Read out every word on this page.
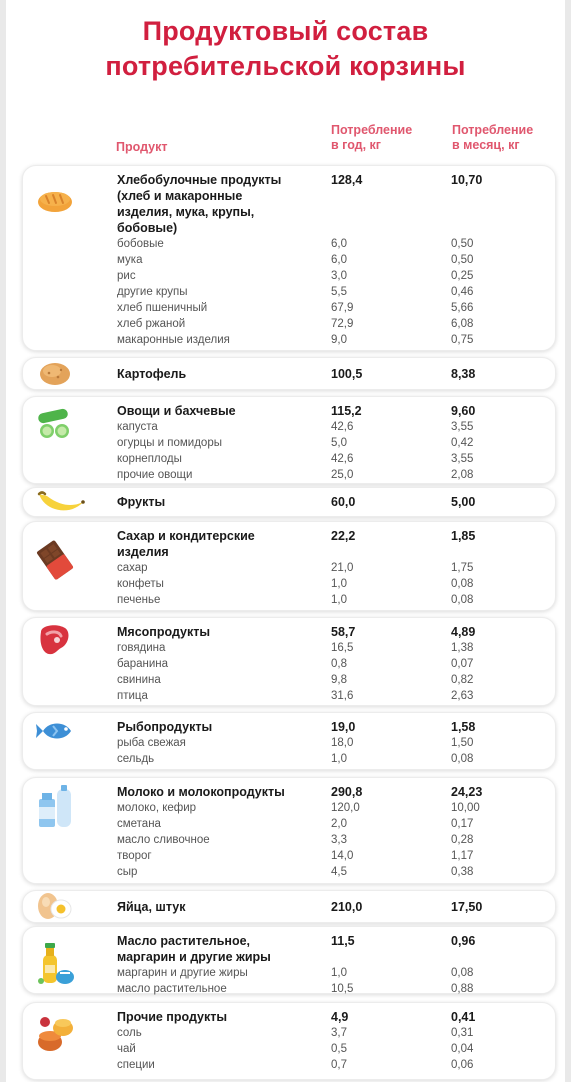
Продуктовый состав
потребительской корзины
Продукт
Потребление
в год, кг
Потребление
в месяц, кг
Хлебобулочные продукты
(хлеб и макаронные
изделия, мука, крупы,
бобовые)
128,4	10,70
бобовые	6,0	0,50
мука	6,0	0,50
рис	3,0	0,25
другие крупы	5,5	0,46
хлеб пшеничный	67,9	5,66
хлеб ржаной	72,9	6,08
макаронные изделия	9,0	0,75
Картофель	100,5	8,38
Овощи и бахчевые	115,2	9,60
капуста	42,6	3,55
огурцы и помидоры	5,0	0,42
корнеплоды	42,6	3,55
прочие овощи	25,0	2,08
Фрукты	60,0	5,00
Сахар и кондитерские
изделия
22,2	1,85
сахар	21,0	1,75
конфеты	1,0	0,08
печенье	1,0	0,08
Мясопродукты	58,7	4,89
говядина	16,5	1,38
баранина	0,8	0,07
свинина	9,8	0,82
птица	31,6	2,63
Рыбопродукты	19,0	1,58
рыба свежая	18,0	1,50
сельдь	1,0	0,08
Молоко и молокопродукты	290,8	24,23
молоко, кефир	120,0	10,00
сметана	2,0	0,17
масло сливочное	3,3	0,28
творог	14,0	1,17
сыр	4,5	0,38
Яйца, штук	210,0	17,50
Масло растительное,
маргарин и другие жиры
11,5	0,96
маргарин и другие жиры	1,0	0,08
масло растительное	10,5	0,88
Прочие продукты	4,9	0,41
соль	3,7	0,31
чай	0,5	0,04
специи	0,7	0,06
